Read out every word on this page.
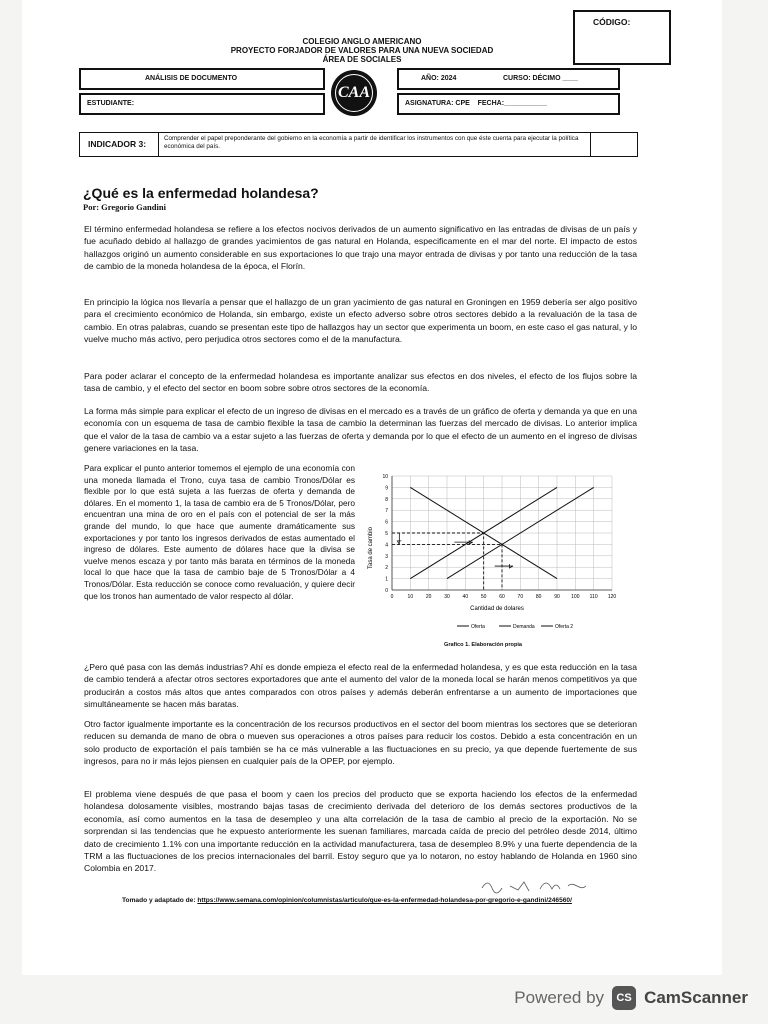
CÓDIGO:
COLEGIO ANGLO AMERICANO
PROYECTO FORJADOR DE VALORES PARA UNA NUEVA SOCIEDAD
ÁREA DE SOCIALES
ANÁLISIS DE DOCUMENTO
CAA
AÑO: 2024	CURSO: DÉCIMO ____
ESTUDIANTE:	ASIGNATURA: CPE    FECHA:___________
INDICADOR 3:
Comprender el papel preponderante del gobierno en la economía a partir de identificar los instrumentos con que éste cuenta para ejecutar la política económica del país.
¿Qué es la enfermedad holandesa?
Por: Gregorio Gandini
El término enfermedad holandesa se refiere a los efectos nocivos derivados de un aumento significativo en las entradas de divisas de un país y fue acuñado debido al hallazgo de grandes yacimientos de gas natural en Holanda, especificamente en el mar del norte. El impacto de estos hallazgos originó un aumento considerable en sus exportaciones lo que trajo una mayor entrada de divisas y por tanto una reducción de la tasa de cambio de la moneda holandesa de la época, el Florín.
En principio la lógica nos llevaría a pensar que el hallazgo de un gran yacimiento de gas natural en Groningen en 1959 debería ser algo positivo para el crecimiento económico de Holanda, sin embargo, existe un efecto adverso sobre otros sectores debido a la revaluación de la tasa de cambio. En otras palabras, cuando se presentan este tipo de hallazgos hay un sector que experimenta un boom, en este caso el gas natural, y lo vuelve mucho más activo, pero perjudica otros sectores como el de la manufactura.
Para poder aclarar el concepto de la enfermedad holandesa es importante analizar sus efectos en dos niveles, el efecto de los flujos sobre la tasa de cambio, y el efecto del sector en boom sobre sobre otros sectores de la economía.
La forma más simple para explicar el efecto de un ingreso de divisas en el mercado es a través de un gráfico de oferta y demanda ya que en una economía con un esquema de tasa de cambio flexible la tasa de cambio la determinan las fuerzas del mercado de divisas. Lo anterior implica que el valor de la tasa de cambio va a estar sujeto a las fuerzas de oferta y demanda por lo que el efecto de un aumento en el ingreso de divisas genere variaciones en la tasa.
Para explicar el punto anterior tomemos el ejemplo de una economía con una moneda llamada el Trono, cuya tasa de cambio Tronos/Dólar es flexible por lo que está sujeta a las fuerzas de oferta y demanda de dólares. En el momento 1, la tasa de cambio era de 5 Tronos/Dólar, pero encuentran una mina de oro en el país con el potencial de ser la más grande del mundo, lo que hace que aumente dramáticamente sus exportaciones y por tanto los ingresos derivados de estas aumentado el ingreso de dólares. Este aumento de dólares hace que la divisa se vuelve menos escaza y por tanto más barata en términos de la moneda local lo que hace que la tasa de cambio baje de 5 Tronos/Dólar a 4 Tronos/Dólar. Esta reducción se conoce como revaluación, y quiere decir que los tronos han aumentado de valor respecto al dólar.	0	10	20	30	40	50	60	70	80	90 100 110 120
0
1
2
3
4
5
6
7
8
9
10
Tasa de cambio
Cantidad de dolares
Oferta	Demanda	Oferta 2
Grafico 1. Elaboración propia
¿Pero qué pasa con las demás industrias? Ahí es donde empieza el efecto real de la enfermedad holandesa, y es que esta reducción en la tasa de cambio tenderá a afectar otros sectores exportadores que ante el aumento del valor de la moneda local se harán menos competitivos ya que producirán a costos más altos que antes comparados con otros países y además deberán enfrentarse a un aumento de importaciones que simultáneamente se hacen más baratas.
Otro factor igualmente importante es la concentración de los recursos productivos en el sector del boom mientras los sectores que se deterioran reducen su demanda de mano de obra o mueven sus operaciones a otros países para reducir los costos. Debido a esta concentración en un solo producto de exportación el país también se ha ce más vulnerable a las fluctuaciones en su precio, ya que depende fuertemente de sus ingresos, para no ir más lejos piensen en cualquier país de la OPEP, por ejemplo.
El problema viene después de que pasa el boom y caen los precios del producto que se exporta haciendo los efectos de la enfermedad holandesa dolosamente visibles, mostrando bajas tasas de crecimiento derivada del deterioro de los demás sectores productivos de la economía, así como aumentos en la tasa de desempleo y una alta correlación de la tasa de cambio al precio de la exportación. No se sorprendan si las tendencias que he expuesto anteriormente les suenan familiares, marcada caída de precio del petróleo desde 2014, último dato de crecimiento 1.1% con una importante reducción en la actividad manufacturera, tasa de desempleo 8.9% y una fuerte dependencia de la TRM a las fluctuaciones de los precios internacionales del barril. Estoy seguro que ya lo notaron, no estoy hablando de Holanda en 1960 sino Colombia en 2017.
Tomado y adaptado de: https://www.semana.com/opinion/columnistas/articulo/que-es-la-enfermedad-holandesa-por-gregorio-e-gandini/246560/
Powered by	CS CamScanner
